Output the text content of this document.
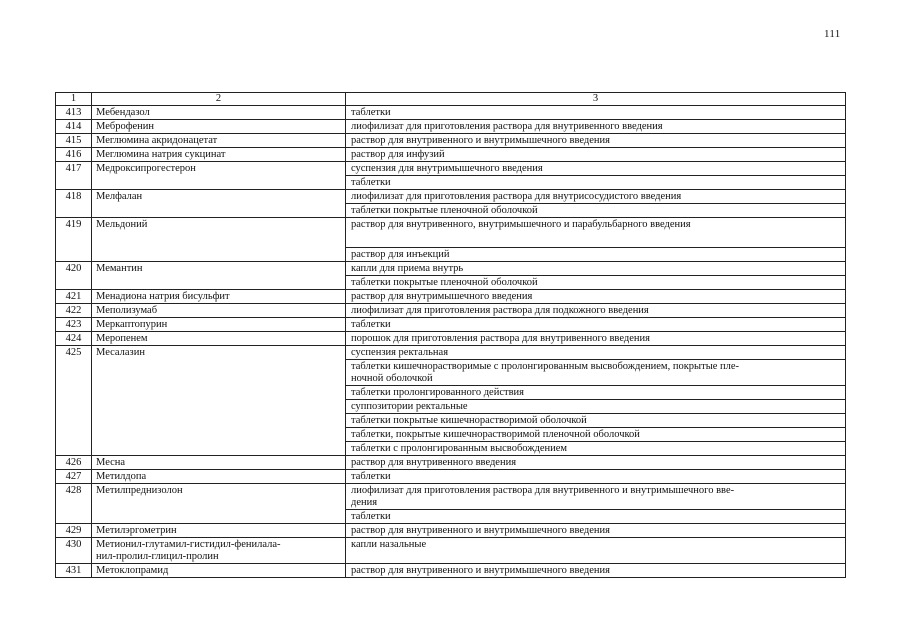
111
1	2	3
413	Мебендазол	таблетки
414	Меброфенин	лиофилизат для приготовления раствора для внутривенного введения
415	Меглюмина акридонацетат	раствор для внутривенного и внутримышечного введения
416	Меглюмина натрия сукцинат	раствор для инфузий
417	Медроксипрогестерон	суспензия для внутримышечного введения
		таблетки
418	Мелфалан	лиофилизат для приготовления раствора для внутрисосудистого введения
		таблетки покрытые пленочной оболочкой
419	Мельдоний	раствор для внутривенного, внутримышечного и парабульбарного введения
		раствор для инъекций
420	Мемантин	капли для приема внутрь
		таблетки покрытые пленочной оболочкой
421	Менадиона натрия бисульфит	раствор для внутримышечного введения
422	Меполизумаб	лиофилизат для приготовления раствора для подкожного введения
423	Меркаптопурин	таблетки
424	Меропенем	порошок для приготовления раствора для внутривенного введения
425	Месалазин	суспензия ректальная
		таблетки кишечнорастворимые с пролонгированным высвобождением, покрытые пле-
ночной оболочкой
		таблетки пролонгированного действия
		суппозитории ректальные
		таблетки покрытые кишечнорастворимой оболочкой
		таблетки, покрытые кишечнорастворимой пленочной оболочкой
		таблетки с пролонгированным высвобождением
426	Месна	раствор для внутривенного введения
427	Метилдопа	таблетки
428	Метилпреднизолон	лиофилизат для приготовления раствора для внутривенного и внутримышечного вве-
дения
		таблетки
429	Метилэргометрин	раствор для внутривенного и внутримышечного введения
430	Метионил-глутамил-гистидил-фенилала-
нил-пролил-глицил-пролин	капли назальные
431	Метоклопрамид	раствор для внутривенного и внутримышечного введения
